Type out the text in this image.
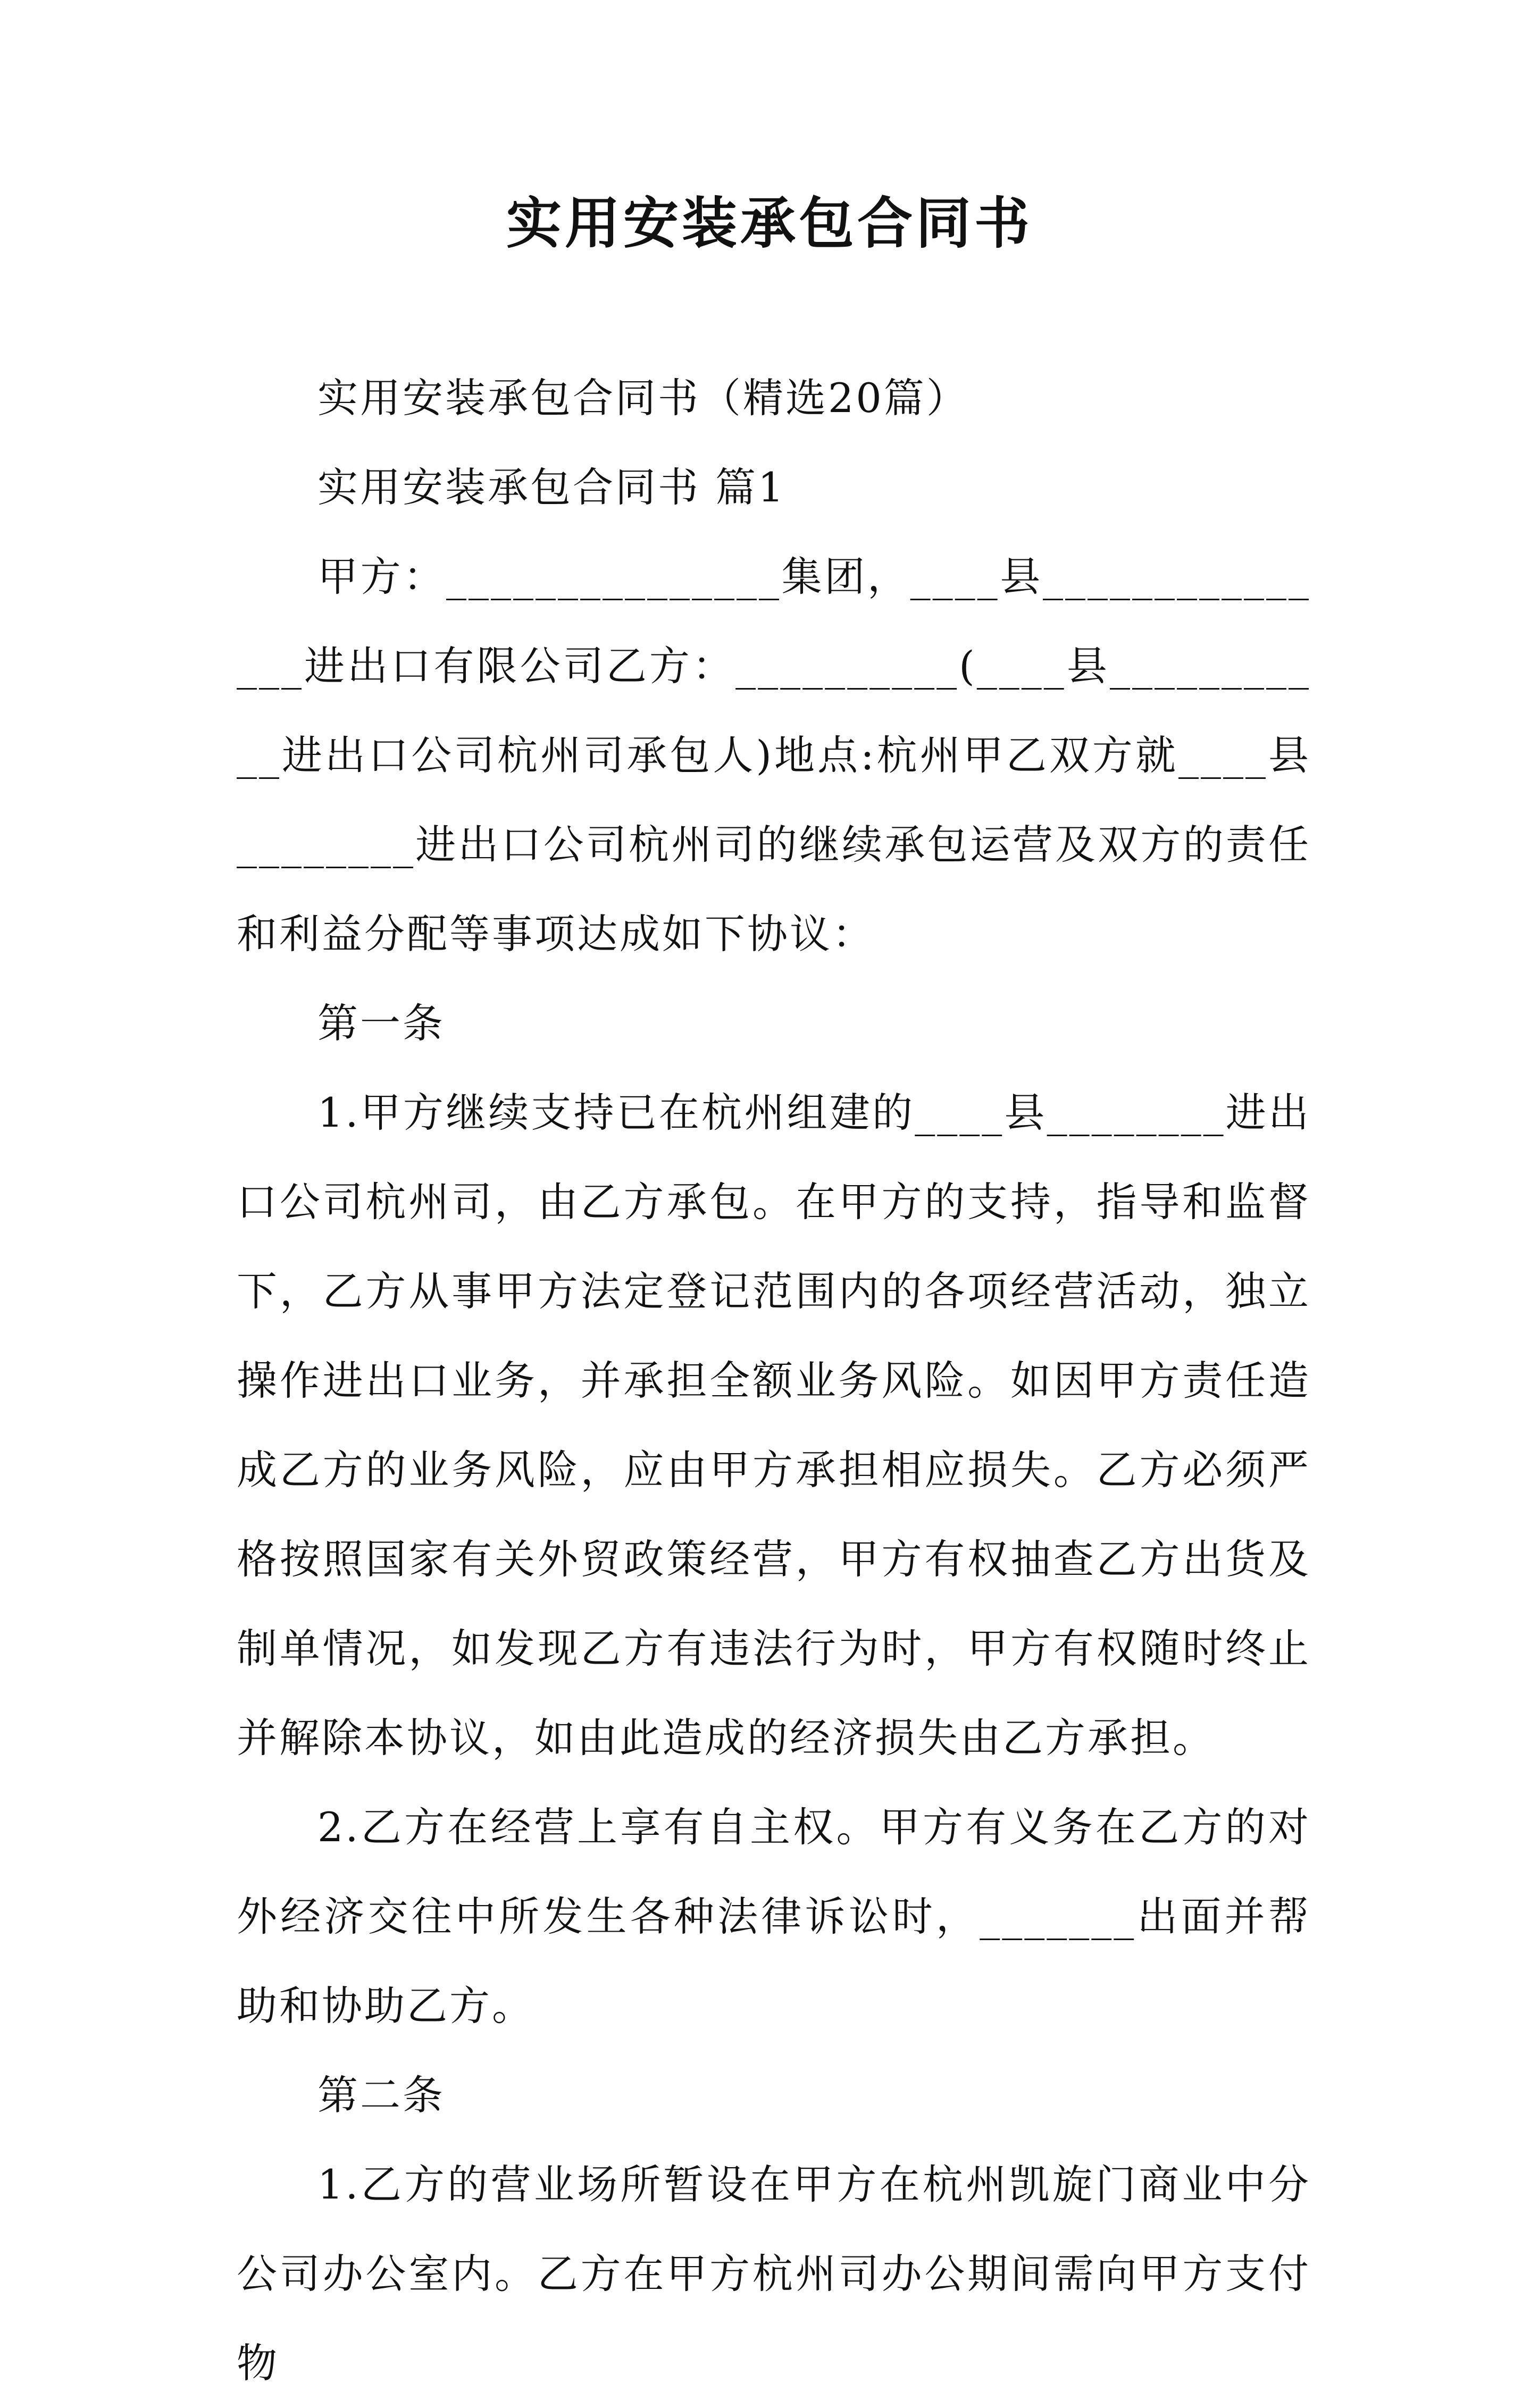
实用安装承包合同书

实用安装承包合同书（精选20篇）

实用安装承包合同书 篇1

甲方：_______________集团，____县_______________进出口有限公司乙方：__________(____县___________进出口公司杭州司承包人)地点:杭州甲乙双方就____县________进出口公司杭州司的继续承包运营及双方的责任和利益分配等事项达成如下协议：

第一条

1.甲方继续支持已在杭州组建的____县________进出口公司杭州司，由乙方承包。在甲方的支持，指导和监督下，乙方从事甲方法定登记范围内的各项经营活动，独立操作进出口业务，并承担全额业务风险。如因甲方责任造成乙方的业务风险，应由甲方承担相应损失。乙方必须严格按照国家有关外贸政策经营，甲方有权抽查乙方出货及制单情况，如发现乙方有违法行为时，甲方有权随时终止并解除本协议，如由此造成的经济损失由乙方承担。

2.乙方在经营上享有自主权。甲方有义务在乙方的对外经济交往中所发生各种法律诉讼时，_______出面并帮助和协助乙方。

第二条

1.乙方的营业场所暂设在甲方在杭州凯旋门商业中分公司办公室内。乙方在甲方杭州司办公期间需向甲方支付物
